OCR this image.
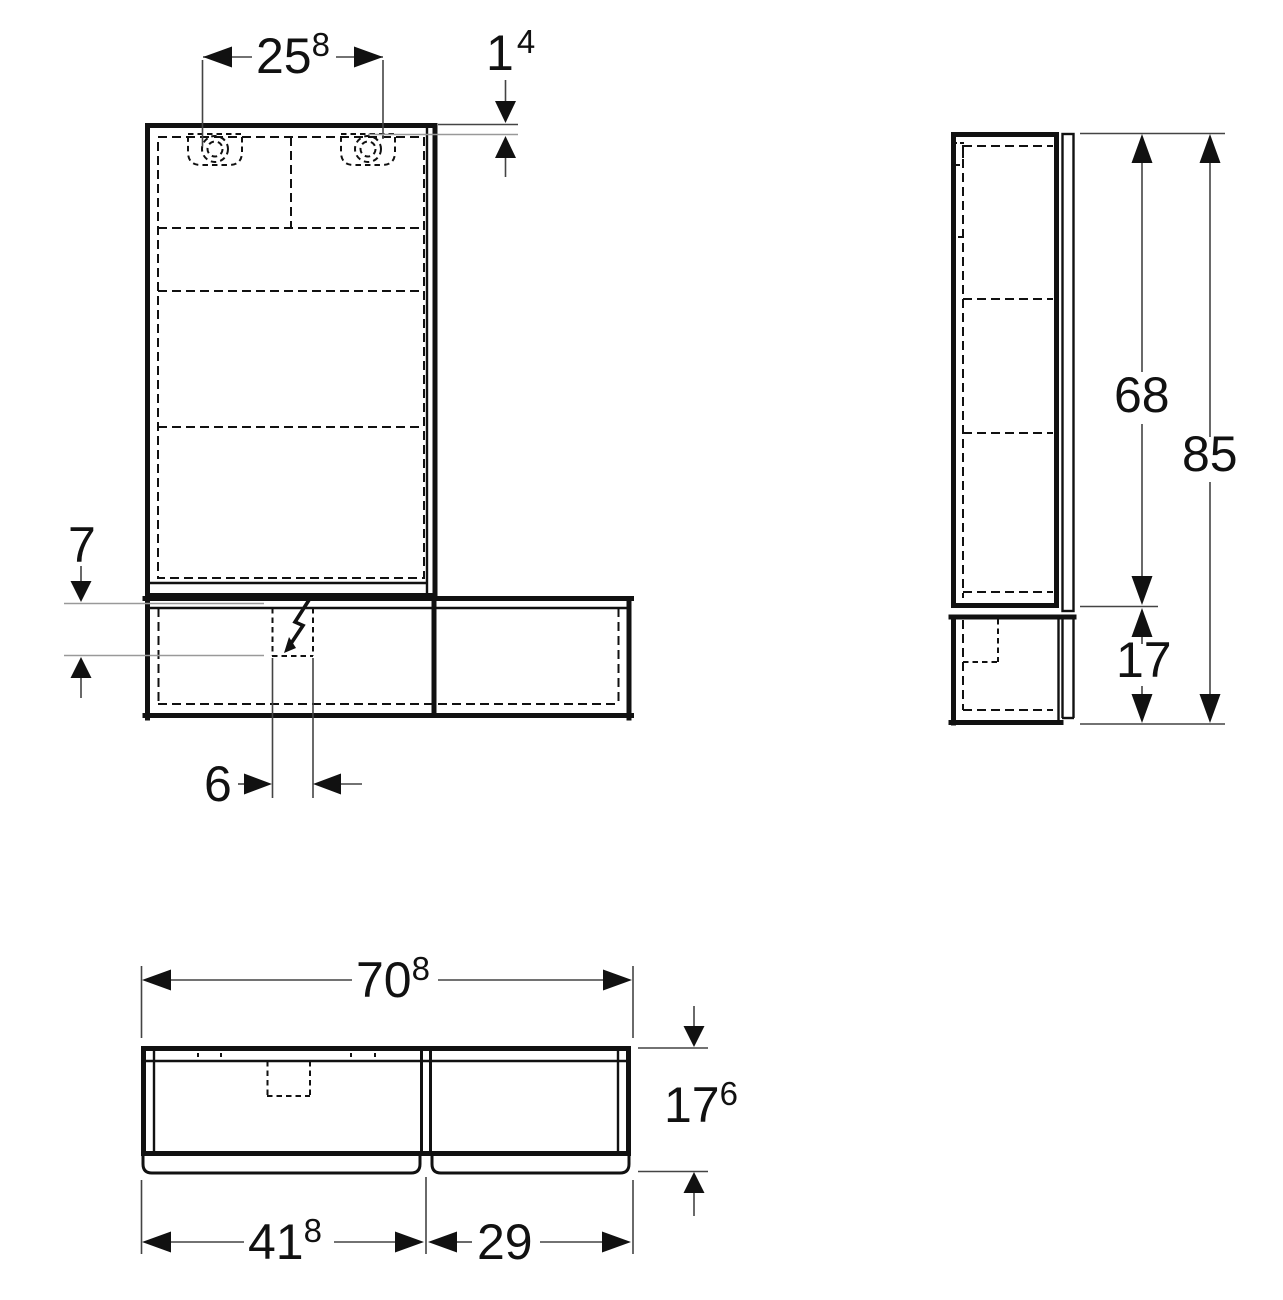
$25^8$	$1^4$
7
6
68
17
85
$70^8$
$17^6$
$41^8$	29
